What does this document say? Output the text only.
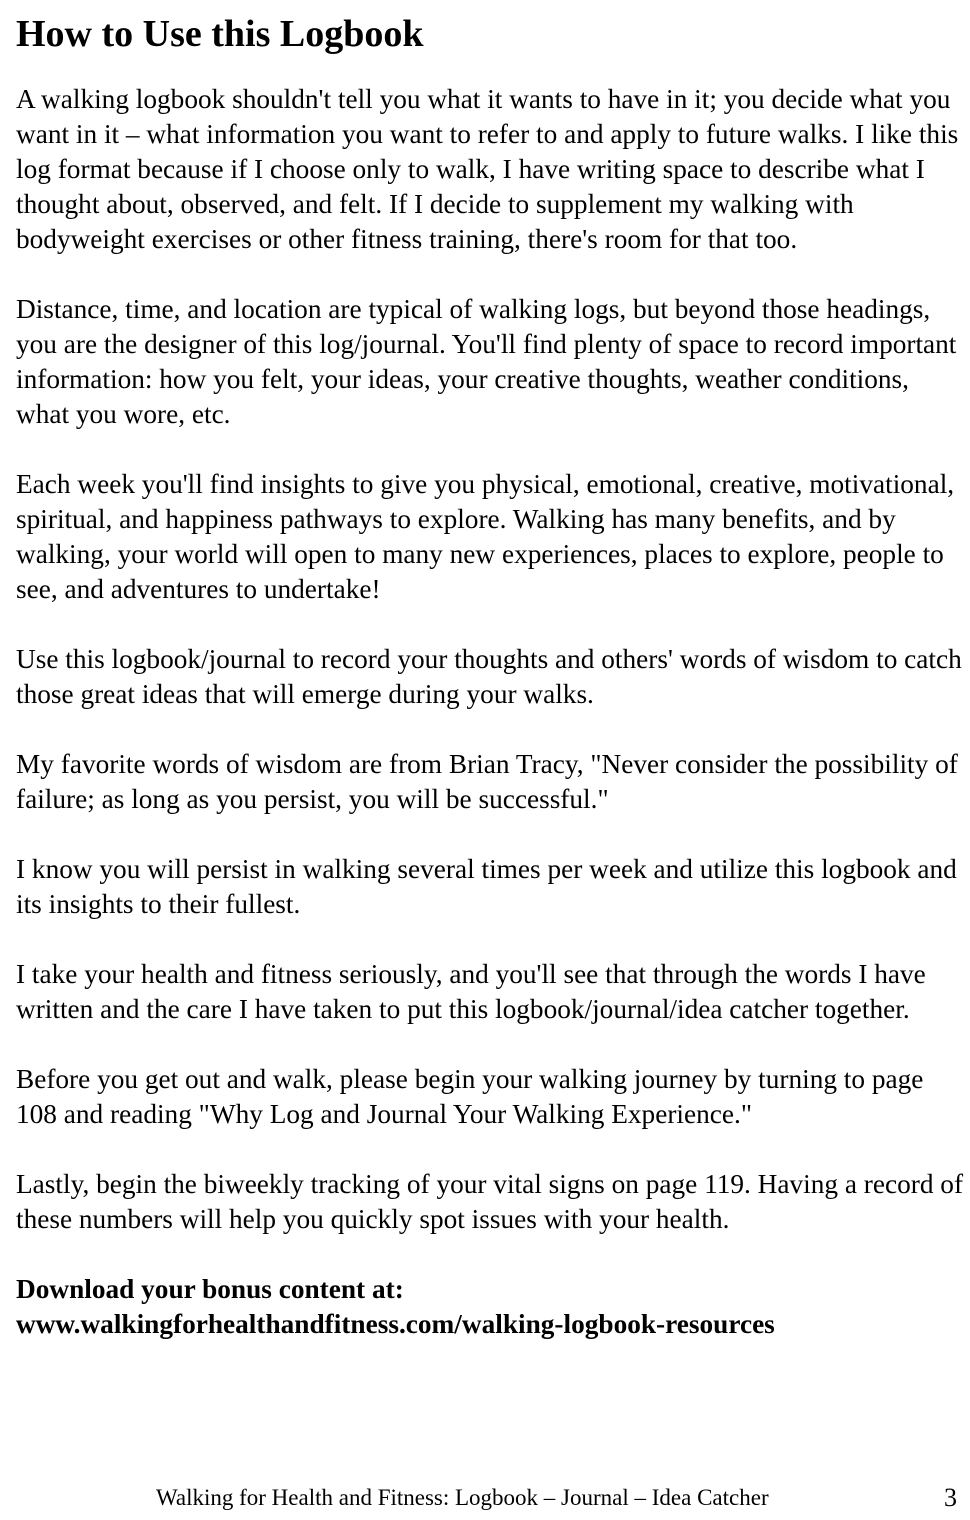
How to Use this Logbook

A walking logbook shouldn't tell you what it wants to have in it; you decide what you want in it – what information you want to refer to and apply to future walks. I like this log format because if I choose only to walk, I have writing space to describe what I thought about, observed, and felt. If I decide to supplement my walking with bodyweight exercises or other fitness training, there's room for that too.

Distance, time, and location are typical of walking logs, but beyond those headings, you are the designer of this log/journal. You'll find plenty of space to record important information: how you felt, your ideas, your creative thoughts, weather conditions, what you wore, etc.

Each week you'll find insights to give you physical, emotional, creative, motivational, spiritual, and happiness pathways to explore. Walking has many benefits, and by walking, your world will open to many new experiences, places to explore, people to see, and adventures to undertake!

Use this logbook/journal to record your thoughts and others' words of wisdom to catch those great ideas that will emerge during your walks.

My favorite words of wisdom are from Brian Tracy, "Never consider the possibility of failure; as long as you persist, you will be successful."

I know you will persist in walking several times per week and utilize this logbook and its insights to their fullest.

I take your health and fitness seriously, and you'll see that through the words I have written and the care I have taken to put this logbook/journal/idea catcher together.

Before you get out and walk, please begin your walking journey by turning to page 108 and reading "Why Log and Journal Your Walking Experience."

Lastly, begin the biweekly tracking of your vital signs on page 119. Having a record of these numbers will help you quickly spot issues with your health.

Download your bonus content at:
www.walkingforhealthandfitness.com/walking-logbook-resources

Walking for Health and Fitness: Logbook – Journal – Idea Catcher	3
